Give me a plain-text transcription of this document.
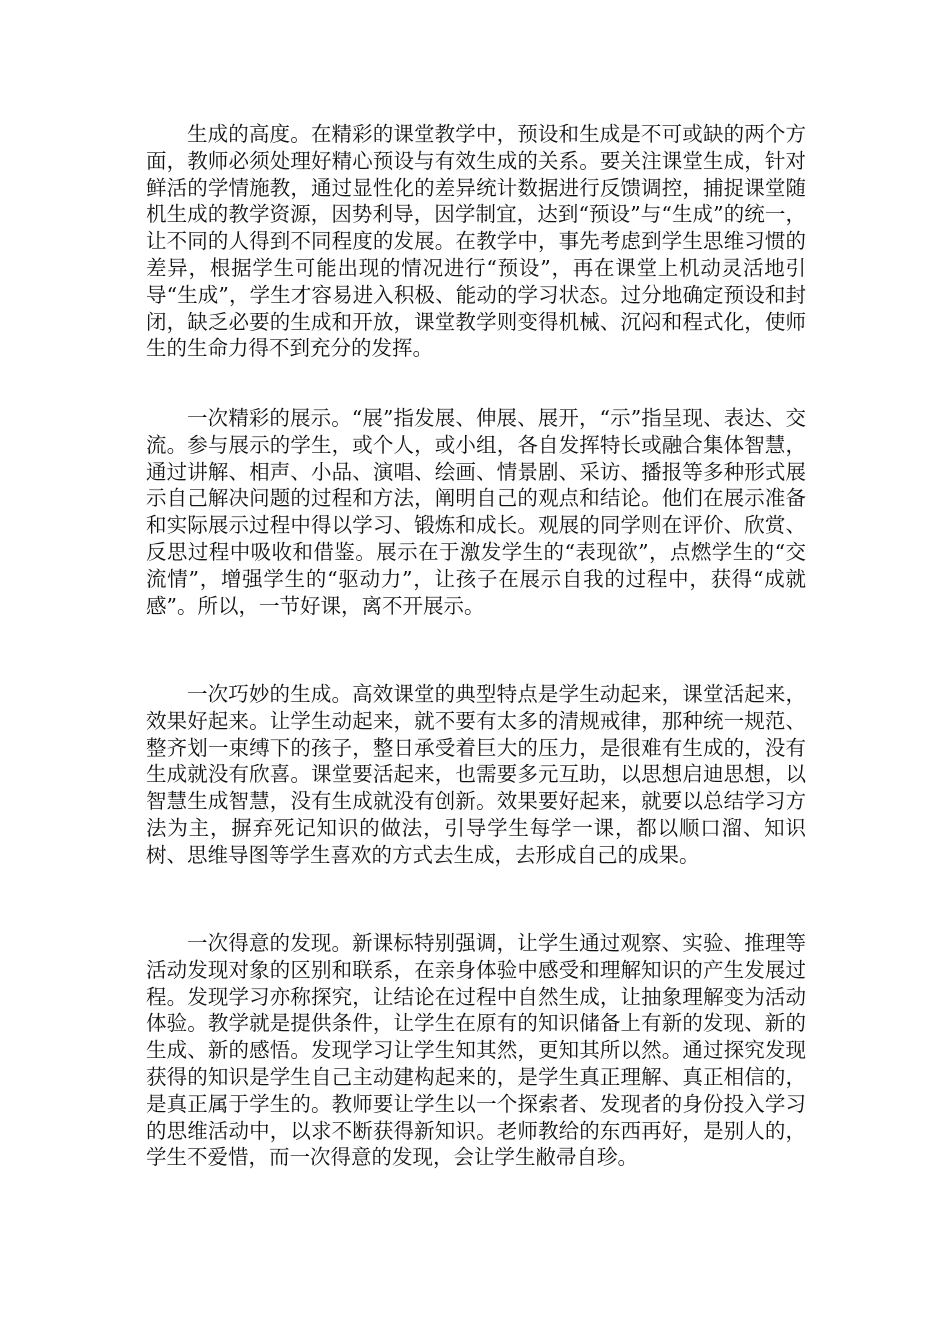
生成的高度。在精彩的课堂教学中，预设和生成是不可或缺的两个方面，教师必须处理好精心预设与有效生成的关系。要关注课堂生成，针对鲜活的学情施教，通过显性化的差异统计数据进行反馈调控，捕捉课堂随机生成的教学资源，因势利导，因学制宜，达到“预设”与“生成”的统一，让不同的人得到不同程度的发展。在教学中，事先考虑到学生思维习惯的差异，根据学生可能出现的情况进行“预设”，再在课堂上机动灵活地引导“生成”，学生才容易进入积极、能动的学习状态。过分地确定预设和封闭，缺乏必要的生成和开放，课堂教学则变得机械、沉闷和程式化，使师生的生命力得不到充分的发挥。

一次精彩的展示。“展”指发展、伸展、展开，“示”指呈现、表达、交流。参与展示的学生，或个人，或小组，各自发挥特长或融合集体智慧，通过讲解、相声、小品、演唱、绘画、情景剧、采访、播报等多种形式展示自己解决问题的过程和方法，阐明自己的观点和结论。他们在展示准备和实际展示过程中得以学习、锻炼和成长。观展的同学则在评价、欣赏、反思过程中吸收和借鉴。展示在于激发学生的“表现欲”，点燃学生的“交流情”，增强学生的“驱动力”，让孩子在展示自我的过程中，获得“成就感”。所以，一节好课，离不开展示。

一次巧妙的生成。高效课堂的典型特点是学生动起来，课堂活起来，效果好起来。让学生动起来，就不要有太多的清规戒律，那种统一规范、整齐划一束缚下的孩子，整日承受着巨大的压力，是很难有生成的，没有生成就没有欣喜。课堂要活起来，也需要多元互助，以思想启迪思想，以智慧生成智慧，没有生成就没有创新。效果要好起来，就要以总结学习方法为主，摒弃死记知识的做法，引导学生每学一课，都以顺口溜、知识树、思维导图等学生喜欢的方式去生成，去形成自己的成果。

一次得意的发现。新课标特别强调，让学生通过观察、实验、推理等活动发现对象的区别和联系，在亲身体验中感受和理解知识的产生发展过程。发现学习亦称探究，让结论在过程中自然生成，让抽象理解变为活动体验。教学就是提供条件，让学生在原有的知识储备上有新的发现、新的生成、新的感悟。发现学习让学生知其然，更知其所以然。通过探究发现获得的知识是学生自己主动建构起来的，是学生真正理解、真正相信的，是真正属于学生的。教师要让学生以一个探索者、发现者的身份投入学习的思维活动中，以求不断获得新知识。老师教给的东西再好，是别人的，学生不爱惜，而一次得意的发现，会让学生敝帚自珍。
